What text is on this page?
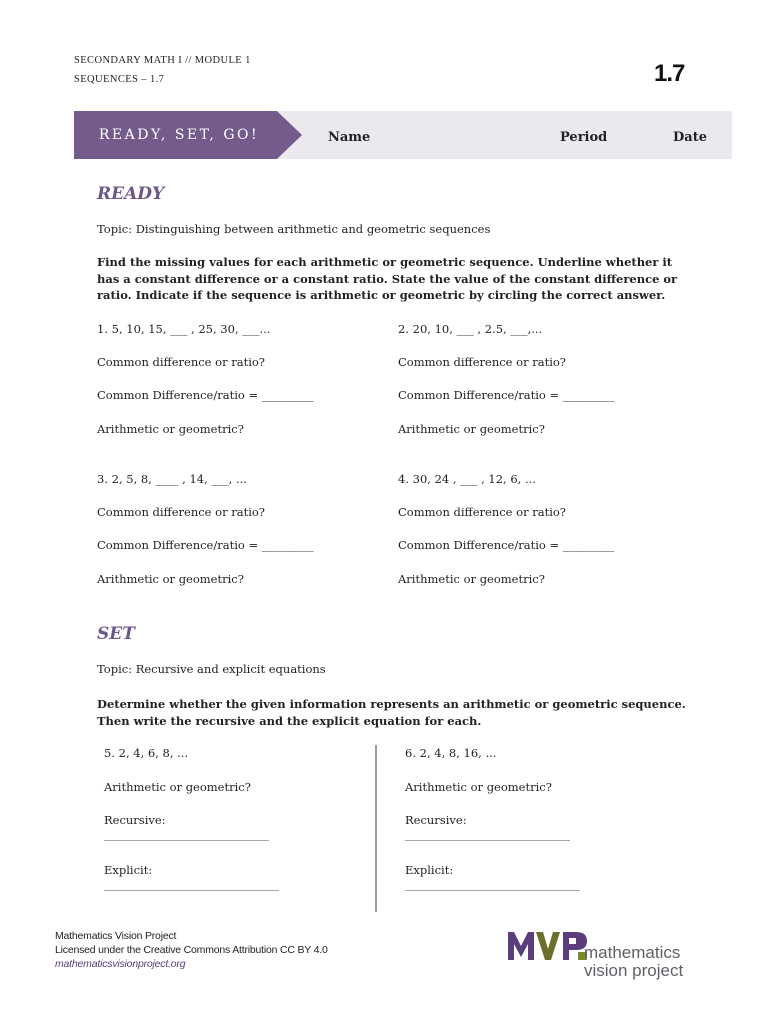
SECONDARY MATH I // MODULE 1
SEQUENCES – 1.7	1.7
READY, SET, GO!	Name	Period	Date
READY
Topic: Distinguishing between arithmetic and geometric sequences
Find the missing values for each arithmetic or geometric sequence. Underline whether it
has a constant difference or a constant ratio. State the value of the constant difference or
ratio. Indicate if the sequence is arithmetic or geometric by circling the correct answer.
1. 5, 10, 15, ___ , 25, 30, ___...
Common difference or ratio?
Common Difference/ratio = _________
Arithmetic or geometric?
2. 20, 10, ___ , 2.5, ___,...
Common difference or ratio?
Common Difference/ratio = _________
Arithmetic or geometric?
3. 2, 5, 8, ____ , 14, ___, ...
Common difference or ratio?
Common Difference/ratio = _________
Arithmetic or geometric?
4. 30, 24 , ___ , 12, 6, ...
Common difference or ratio?
Common Difference/ratio = _________
Arithmetic or geometric?
SET
Topic: Recursive and explicit equations
Determine whether the given information represents an arithmetic or geometric sequence.
Then write the recursive and the explicit equation for each.
5. 2, 4, 6, 8, ...
Arithmetic or geometric?
Recursive:
_________________________________
Explicit:
___________________________________
6. 2, 4, 8, 16, ...
Arithmetic or geometric?
Recursive:
_________________________________
Explicit:
___________________________________
Mathematics Vision Project
Licensed under the Creative Commons Attribution CC BY 4.0
mathematicsvisionproject.org
mathematics
vision project
